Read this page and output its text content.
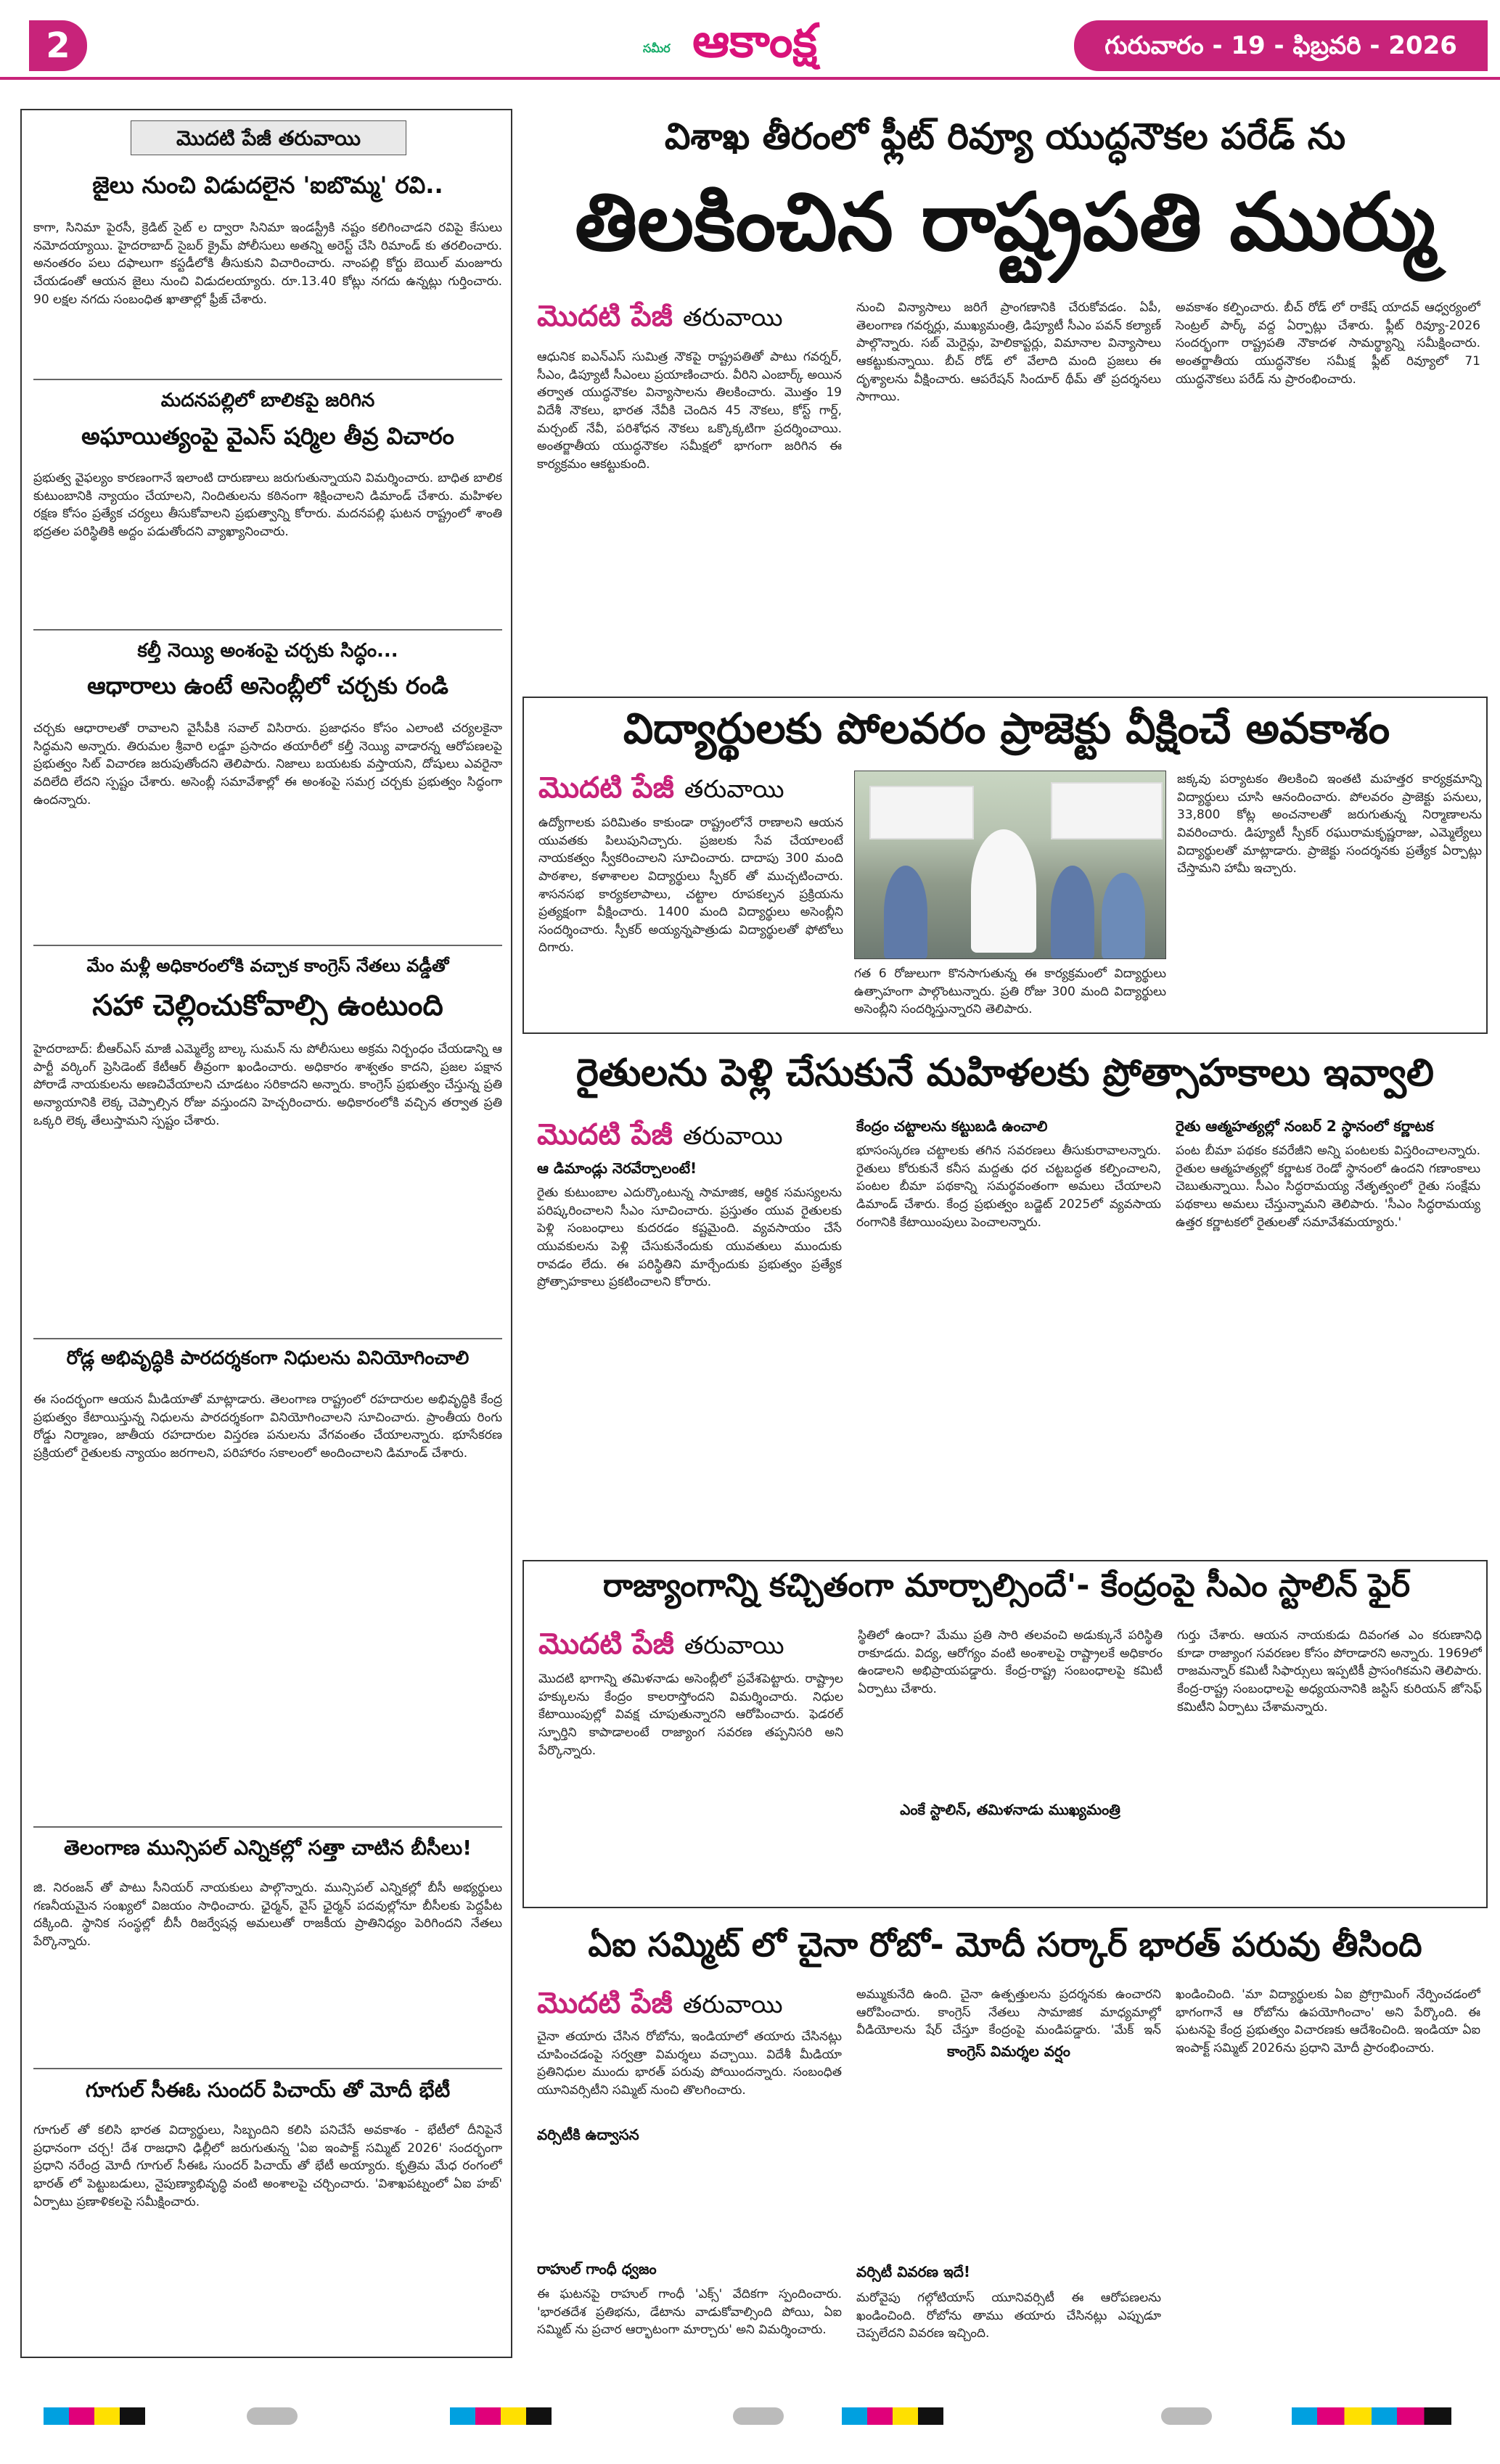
2	సమీర ఆకాంక్ష	గురువారం - 19 - ఫిబ్రవరి - 2026
మొదటి పేజీ తరువాయి
జైలు నుంచి విడుదలైన 'ఐబొమ్మ' రవి..
కాగా, సినిమా పైరసీ, క్రెడిట్ సైట్ ల ద్వారా సినిమా ఇండస్ట్రీకి నష్టం కలిగించాడని రవిపై కేసులు నమోదయ్యాయి. హైదరాబాద్ సైబర్ క్రైమ్ పోలీసులు అతన్ని అరెస్ట్ చేసి రిమాండ్ కు తరలించారు. అనంతరం పలు దఫాలుగా కస్టడీలోకి తీసుకుని విచారించారు. నాంపల్లి కోర్టు బెయిల్ మంజూరు చేయడంతో ఆయన జైలు నుంచి విడుదలయ్యారు. రూ.13.40 కోట్లు నగదు ఉన్నట్లు గుర్తించారు. 90 లక్షల నగదు సంబంధిత ఖాతాల్లో ఫ్రీజ్ చేశారు.
మదనపల్లిలో బాలికపై జరిగిన
అఘాయిత్యంపై వైఎస్ షర్మిల తీవ్ర విచారం
ప్రభుత్వ వైఫల్యం కారణంగానే ఇలాంటి దారుణాలు జరుగుతున్నాయని విమర్శించారు. బాధిత బాలిక కుటుంబానికి న్యాయం చేయాలని, నిందితులను కఠినంగా శిక్షించాలని డిమాండ్ చేశారు. మహిళల రక్షణ కోసం ప్రత్యేక చర్యలు తీసుకోవాలని ప్రభుత్వాన్ని కోరారు. మదనపల్లి ఘటన రాష్ట్రంలో శాంతి భద్రతల పరిస్థితికి అద్దం పడుతోందని వ్యాఖ్యానించారు.
కల్తీ నెయ్యి అంశంపై చర్చకు సిద్ధం...
ఆధారాలు ఉంటే అసెంబ్లీలో చర్చకు రండి
చర్చకు ఆధారాలతో రావాలని వైసీపీకి సవాల్ విసిరారు. ప్రజాధనం కోసం ఎలాంటి చర్యలకైనా సిద్ధమని అన్నారు. తిరుమల శ్రీవారి లడ్డూ ప్రసాదం తయారీలో కల్తీ నెయ్యి వాడారన్న ఆరోపణలపై ప్రభుత్వం సిట్ విచారణ జరుపుతోందని తెలిపారు. నిజాలు బయటకు వస్తాయని, దోషులు ఎవరైనా వదిలేది లేదని స్పష్టం చేశారు. అసెంబ్లీ సమావేశాల్లో ఈ అంశంపై సమగ్ర చర్చకు ప్రభుత్వం సిద్ధంగా ఉందన్నారు.
మేం మళ్లీ అధికారంలోకి వచ్చాక కాంగ్రెస్ నేతలు వడ్డీతో
సహా చెల్లించుకోవాల్సి ఉంటుంది
హైదరాబాద్: బీఆర్ఎస్ మాజీ ఎమ్మెల్యే బాల్క సుమన్ ను పోలీసులు అక్రమ నిర్బంధం చేయడాన్ని ఆ పార్టీ వర్కింగ్ ప్రెసిడెంట్ కేటీఆర్ తీవ్రంగా ఖండించారు. అధికారం శాశ్వతం కాదని, ప్రజల పక్షాన పోరాడే నాయకులను అణచివేయాలని చూడటం సరికాదని అన్నారు. కాంగ్రెస్ ప్రభుత్వం చేస్తున్న ప్రతి అన్యాయానికి లెక్క చెప్పాల్సిన రోజు వస్తుందని హెచ్చరించారు. అధికారంలోకి వచ్చిన తర్వాత ప్రతి ఒక్కరి లెక్క తేలుస్తామని స్పష్టం చేశారు.
రోడ్ల అభివృద్ధికి పారదర్శకంగా నిధులను వినియోగించాలి
ఈ సందర్భంగా ఆయన మీడియాతో మాట్లాడారు. తెలంగాణ రాష్ట్రంలో రహదారుల అభివృద్ధికి కేంద్ర ప్రభుత్వం కేటాయిస్తున్న నిధులను పారదర్శకంగా వినియోగించాలని సూచించారు. ప్రాంతీయ రింగు రోడ్డు నిర్మాణం, జాతీయ రహదారుల విస్తరణ పనులను వేగవంతం చేయాలన్నారు. భూసేకరణ ప్రక్రియలో రైతులకు న్యాయం జరగాలని, పరిహారం సకాలంలో అందించాలని డిమాండ్ చేశారు.
తెలంగాణ మున్సిపల్ ఎన్నికల్లో సత్తా చాటిన బీసీలు!
జి. నిరంజన్ తో పాటు సీనియర్ నాయకులు పాల్గొన్నారు. మున్సిపల్ ఎన్నికల్లో బీసీ అభ్యర్థులు గణనీయమైన సంఖ్యలో విజయం సాధించారు. ఛైర్మన్, వైస్ ఛైర్మన్ పదవుల్లోనూ బీసీలకు పెద్దపీట దక్కింది. స్థానిక సంస్థల్లో బీసీ రిజర్వేషన్ల అమలుతో రాజకీయ ప్రాతినిధ్యం పెరిగిందని నేతలు పేర్కొన్నారు.
గూగుల్ సీఈఓ సుందర్ పిచాయ్ తో మోదీ భేటీ
గూగుల్ తో కలిసి భారత విద్యార్థులు, సిబ్బందిని కలిసి పనిచేసే అవకాశం - భేటీలో దీనిపైనే ప్రధానంగా చర్చ! దేశ రాజధాని ఢిల్లీలో జరుగుతున్న 'ఏఐ ఇంపాక్ట్ సమ్మిట్ 2026' సందర్భంగా ప్రధాని నరేంద్ర మోదీ గూగుల్ సీఈఓ సుందర్ పిచాయ్ తో భేటీ అయ్యారు. కృత్రిమ మేధ రంగంలో భారత్ లో పెట్టుబడులు, నైపుణ్యాభివృద్ధి వంటి అంశాలపై చర్చించారు. 'విశాఖపట్నంలో ఏఐ హబ్' ఏర్పాటు ప్రణాళికలపై సమీక్షించారు.
విశాఖ తీరంలో ఫ్లీట్ రివ్యూ యుద్ధనౌకల పరేడ్ ను
తిలకించిన రాష్ట్రపతి ముర్ము
మొదటి పేజీ తరువాయి
ఆధునిక ఐఎన్ఎస్ సుమిత్ర నౌకపై రాష్ట్రపతితో పాటు గవర్నర్, సీఎం, డిప్యూటీ సీఎంలు ప్రయాణించారు. వీరిని ఎంబార్క్ అయిన తర్వాత యుద్ధనౌకల విన్యాసాలను తిలకించారు. మొత్తం 19 విదేశీ నౌకలు, భారత నేవీకి చెందిన 45 నౌకలు, కోస్ట్ గార్డ్, మర్చంట్ నేవీ, పరిశోధన నౌకలు ఒక్కొక్కటిగా ప్రదర్శించాయి. అంతర్జాతీయ యుద్ధనౌకల సమీక్షలో భాగంగా జరిగిన ఈ కార్యక్రమం ఆకట్టుకుంది.
నుంచి విన్యాసాలు జరిగే ప్రాంగణానికి చేరుకోవడం. ఏపీ, తెలంగాణ గవర్నర్లు, ముఖ్యమంత్రి, డిప్యూటీ సీఎం పవన్ కల్యాణ్ పాల్గొన్నారు. సబ్ మెరైన్లు, హెలికాప్టర్లు, విమానాల విన్యాసాలు ఆకట్టుకున్నాయి. బీచ్ రోడ్ లో వేలాది మంది ప్రజలు ఈ దృశ్యాలను వీక్షించారు. ఆపరేషన్ సిందూర్ థీమ్ తో ప్రదర్శనలు సాగాయి.
అవకాశం కల్పించారు. బీచ్ రోడ్ లో రాకేష్ యాదవ్ ఆధ్వర్యంలో సెంట్రల్ పార్క్ వద్ద ఏర్పాట్లు చేశారు. ఫ్లీట్ రివ్యూ-2026 సందర్భంగా రాష్ట్రపతి నౌకాదళ సామర్థ్యాన్ని సమీక్షించారు. అంతర్జాతీయ యుద్ధనౌకల సమీక్ష ఫ్లీట్ రివ్యూలో 71 యుద్ధనౌకలు పరేడ్ ను ప్రారంభించారు.
విద్యార్థులకు పోలవరం ప్రాజెక్టు వీక్షించే అవకాశం
మొదటి పేజీ తరువాయి
ఉద్యోగాలకు పరిమితం కాకుండా రాష్ట్రంలోనే రాణాలని ఆయన యువతకు పిలుపునిచ్చారు. ప్రజలకు సేవ చేయాలంటే నాయకత్వం స్వీకరించాలని సూచించారు. దాదాపు 300 మంది పాఠశాల, కళాశాలల విద్యార్థులు స్పీకర్ తో ముచ్చటించారు. శాసనసభ కార్యకలాపాలు, చట్టాల రూపకల్పన ప్రక్రియను ప్రత్యక్షంగా వీక్షించారు. 1400 మంది విద్యార్థులు అసెంబ్లీని సందర్శించారు. స్పీకర్ అయ్యన్నపాత్రుడు విద్యార్థులతో ఫోటోలు దిగారు.
గత 6 రోజులుగా కొనసాగుతున్న ఈ కార్యక్రమంలో విద్యార్థులు ఉత్సాహంగా పాల్గొంటున్నారు. ప్రతి రోజు 300 మంది విద్యార్థులు అసెంబ్లీని సందర్శిస్తున్నారని తెలిపారు.
జక్కవు పర్యాటకం తిలకించి ఇంతటి మహత్తర కార్యక్రమాన్ని విద్యార్థులు చూసి ఆనందించారు. పోలవరం ప్రాజెక్టు పనులు, 33,800 కోట్ల అంచనాలతో జరుగుతున్న నిర్మాణాలను వివరించారు. డిప్యూటీ స్పీకర్ రఘురామకృష్ణరాజు, ఎమ్మెల్యేలు విద్యార్థులతో మాట్లాడారు. ప్రాజెక్టు సందర్శనకు ప్రత్యేక ఏర్పాట్లు చేస్తామని హామీ ఇచ్చారు.
రైతులను పెళ్లి చేసుకునే మహిళలకు ప్రోత్సాహకాలు ఇవ్వాలి
మొదటి పేజీ తరువాయి
ఆ డిమాండ్లు నెరవేర్చాలంటే!
రైతు కుటుంబాల ఎదుర్కొంటున్న సామాజిక, ఆర్థిక సమస్యలను పరిష్కరించాలని సీఎం సూచించారు. ప్రస్తుతం యువ రైతులకు పెళ్లి సంబంధాలు కుదరడం కష్టమైంది. వ్యవసాయం చేసే యువకులను పెళ్లి చేసుకునేందుకు యువతులు ముందుకు రావడం లేదు. ఈ పరిస్థితిని మార్చేందుకు ప్రభుత్వం ప్రత్యేక ప్రోత్సాహకాలు ప్రకటించాలని కోరారు.
కేంద్రం చట్టాలను కట్టుబడి ఉంచాలి
భూసంస్కరణ చట్టాలకు తగిన సవరణలు తీసుకురావాలన్నారు. రైతులు కోరుకునే కనీస మద్దతు ధర చట్టబద్ధత కల్పించాలని, పంటల బీమా పథకాన్ని సమర్థవంతంగా అమలు చేయాలని డిమాండ్ చేశారు. కేంద్ర ప్రభుత్వం బడ్జెట్ 2025లో వ్యవసాయ రంగానికి కేటాయింపులు పెంచాలన్నారు.
రైతు ఆత్మహత్యల్లో నంబర్ 2 స్థానంలో కర్ణాటక
పంట బీమా పథకం కవరేజీని అన్ని పంటలకు విస్తరించాలన్నారు. రైతుల ఆత్మహత్యల్లో కర్ణాటక రెండో స్థానంలో ఉందని గణాంకాలు చెబుతున్నాయి. సీఎం సిద్ధరామయ్య నేతృత్వంలో రైతు సంక్షేమ పథకాలు అమలు చేస్తున్నామని తెలిపారు. 'సీఎం సిద్ధరామయ్య ఉత్తర కర్ణాటకలో రైతులతో సమావేశమయ్యారు.'
రాజ్యాంగాన్ని కచ్చితంగా మార్చాల్సిందే'- కేంద్రంపై సీఎం స్టాలిన్ ఫైర్
మొదటి పేజీ తరువాయి
మొదటి భాగాన్ని తమిళనాడు అసెంబ్లీలో ప్రవేశపెట్టారు. రాష్ట్రాల హక్కులను కేంద్రం కాలరాస్తోందని విమర్శించారు. నిధుల కేటాయింపుల్లో వివక్ష చూపుతున్నారని ఆరోపించారు. ఫెడరల్ స్ఫూర్తిని కాపాడాలంటే రాజ్యాంగ సవరణ తప్పనిసరి అని పేర్కొన్నారు.
స్థితిలో ఉందా? మేము ప్రతి సారి తలవంచి అడుక్కునే పరిస్థితి రాకూడదు. విద్య, ఆరోగ్యం వంటి అంశాలపై రాష్ట్రాలకే అధికారం ఉండాలని అభిప్రాయపడ్డారు. కేంద్ర-రాష్ట్ర సంబంధాలపై కమిటీ ఏర్పాటు చేశారు.
ఎంకే స్టాలిన్, తమిళనాడు ముఖ్యమంత్రి
గుర్తు చేశారు. ఆయన నాయకుడు దివంగత ఎం కరుణానిధి కూడా రాజ్యాంగ సవరణల కోసం పోరాడారని అన్నారు. 1969లో రాజమన్నార్ కమిటీ సిఫార్సులు ఇప్పటికీ ప్రాసంగికమని తెలిపారు. కేంద్ర-రాష్ట్ర సంబంధాలపై అధ్యయనానికి జస్టిస్ కురియన్ జోసెఫ్ కమిటీని ఏర్పాటు చేశామన్నారు.
ఏఐ సమ్మిట్ లో చైనా రోబో- మోదీ సర్కార్ భారత్ పరువు తీసింది
మొదటి పేజీ తరువాయి
చైనా తయారు చేసిన రోబోను, ఇండియాలో తయారు చేసినట్లు చూపించడంపై సర్వత్రా విమర్శలు వచ్చాయి. విదేశీ మీడియా ప్రతినిధుల ముందు భారత్ పరువు పోయిందన్నారు. సంబంధిత యూనివర్సిటీని సమ్మిట్ నుంచి తొలగించారు.
వర్సిటీకి ఉద్వాసన
రాహుల్ గాంధీ ధ్వజం
ఈ ఘటనపై రాహుల్ గాంధీ 'ఎక్స్' వేదికగా స్పందించారు. 'భారతదేశ ప్రతిభను, డేటాను వాడుకోవాల్సింది పోయి, ఏఐ సమ్మిట్ ను ప్రచార ఆర్భాటంగా మార్చారు' అని విమర్శించారు.
కాంగ్రెస్ విమర్శల వర్షం
అమ్ముకునేది ఉంది. చైనా ఉత్పత్తులను ప్రదర్శనకు ఉంచారని ఆరోపించారు. కాంగ్రెస్ నేతలు సామాజిక మాధ్యమాల్లో వీడియోలను షేర్ చేస్తూ కేంద్రంపై మండిపడ్డారు. 'మేక్ ఇన్
మరోవైపు గల్గోటియాస్ యూనివర్సిటీ ఈ ఆరోపణలను ఖండించింది. రోబోను తాము తయారు చేసినట్లు ఎప్పుడూ చెప్పలేదని వివరణ ఇచ్చింది.
వర్సిటీ వివరణ ఇదే!
ఖండించింది. 'మా విద్యార్థులకు ఏఐ ప్రోగ్రామింగ్ నేర్పించడంలో భాగంగానే ఆ రోబోను ఉపయోగించాం' అని పేర్కొంది. ఈ ఘటనపై కేంద్ర ప్రభుత్వం విచారణకు ఆదేశించింది. ఇండియా ఏఐ ఇంపాక్ట్ సమ్మిట్ 2026ను ప్రధాని మోదీ ప్రారంభించారు.
